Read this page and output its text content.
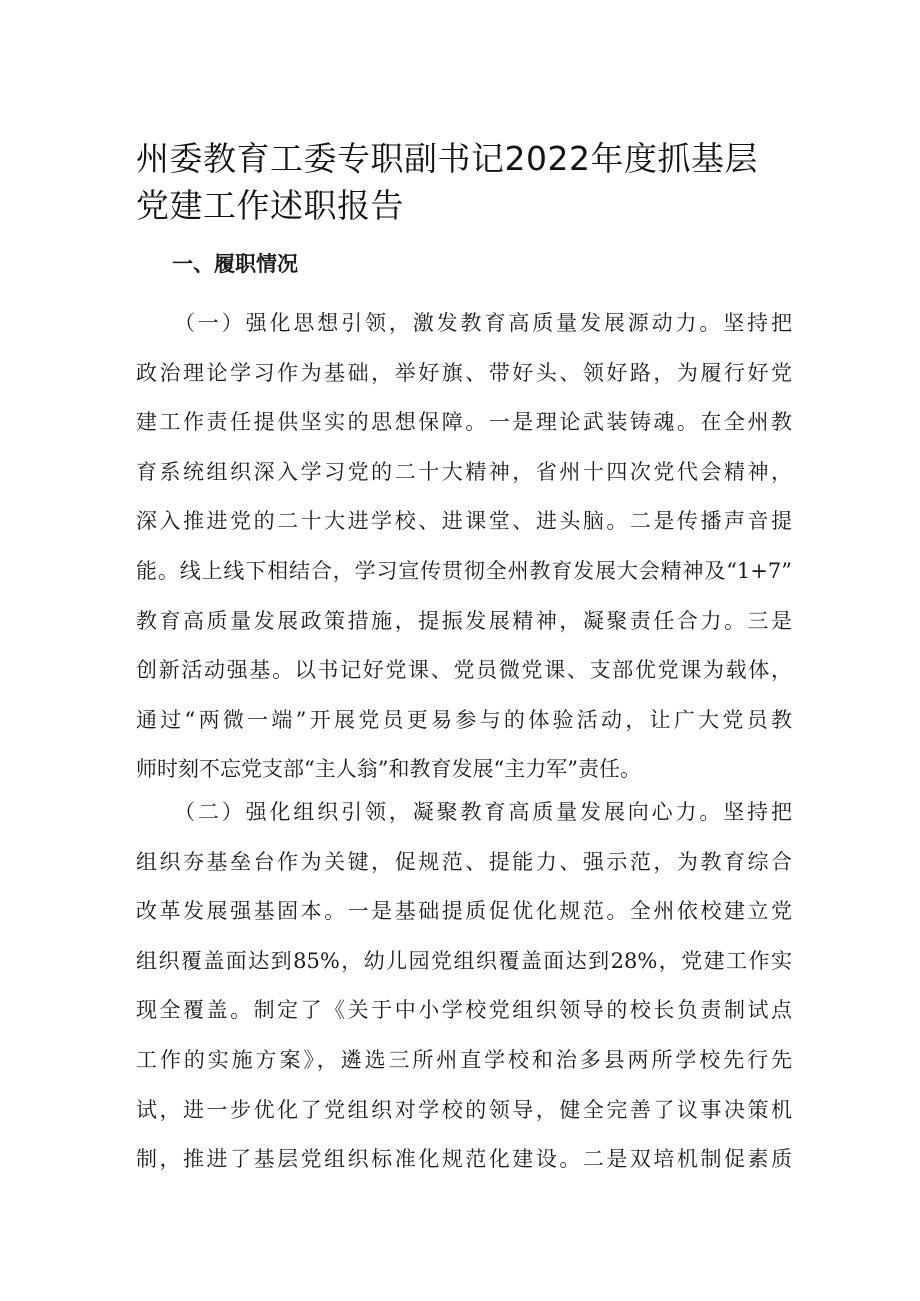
州委教育工委专职副书记2022年度抓基层
党建工作述职报告
一、履职情况
（一）强化思想引领，激发教育高质量发展源动力。坚持把
政治理论学习作为基础，举好旗、带好头、领好路，为履行好党
建工作责任提供坚实的思想保障。一是理论武装铸魂。在全州教
育系统组织深入学习党的二十大精神，省州十四次党代会精神，
深入推进党的二十大进学校、进课堂、进头脑。二是传播声音提
能。线上线下相结合，学习宣传贯彻全州教育发展大会精神及“1+7”
教育高质量发展政策措施，提振发展精神，凝聚责任合力。三是
创新活动强基。以书记好党课、党员微党课、支部优党课为载体，
通过“两微一端”开展党员更易参与的体验活动，让广大党员教
师时刻不忘党支部“主人翁”和教育发展“主力军”责任。
（二）强化组织引领，凝聚教育高质量发展向心力。坚持把
组织夯基垒台作为关键，促规范、提能力、强示范，为教育综合
改革发展强基固本。一是基础提质促优化规范。全州依校建立党
组织覆盖面达到85%，幼儿园党组织覆盖面达到28%，党建工作实
现全覆盖。制定了《关于中小学校党组织领导的校长负责制试点
工作的实施方案》，遴选三所州直学校和治多县两所学校先行先
试，进一步优化了党组织对学校的领导，健全完善了议事决策机
制，推进了基层党组织标准化规范化建设。二是双培机制促素质
